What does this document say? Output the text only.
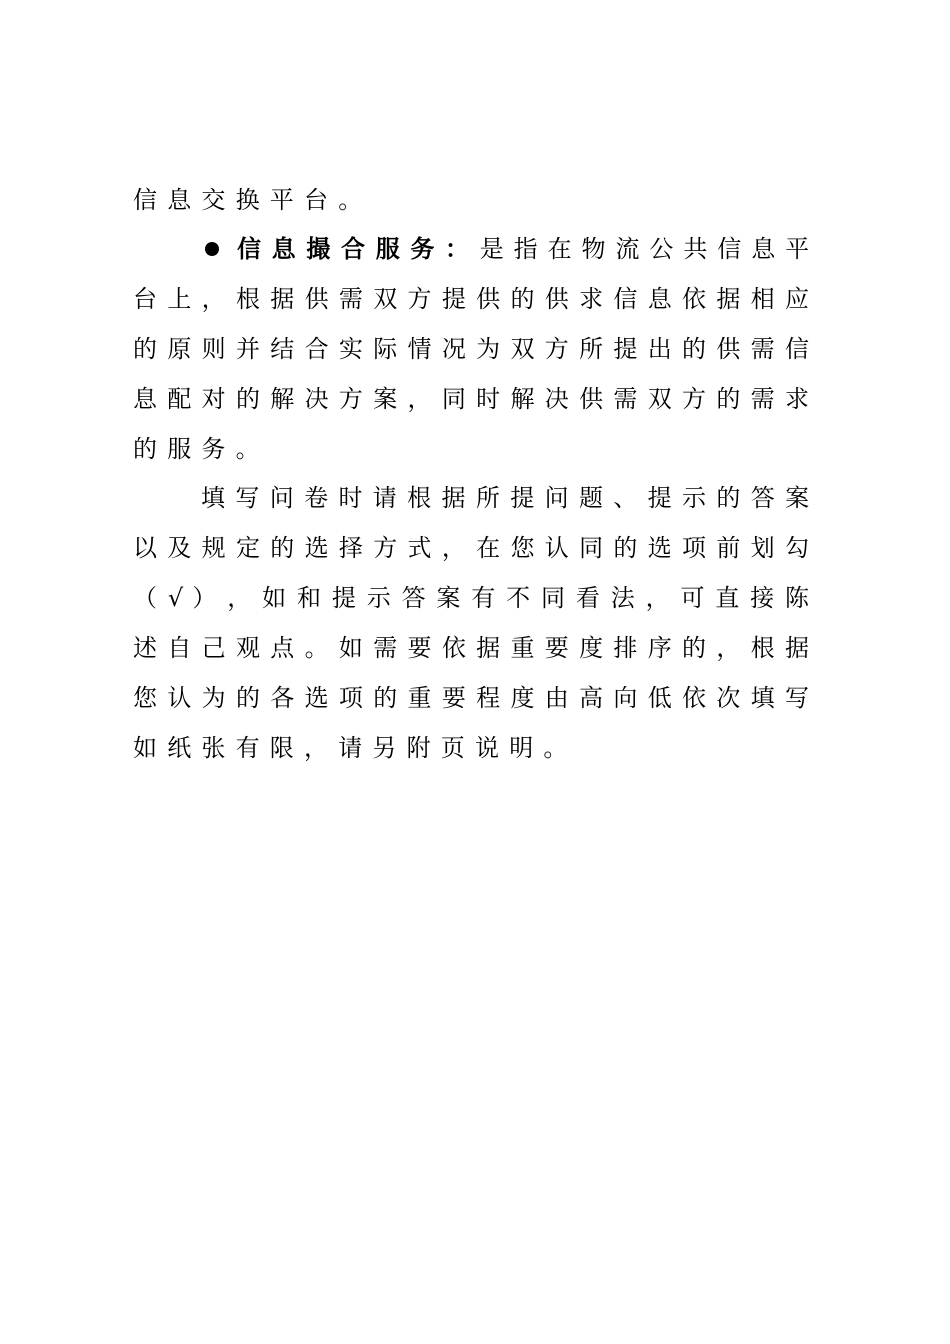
信息交换平台。
信​ 息​ 撮​ 合​ 服​ 务​ ：​ 是​ 指​ 在​ 物​ 流​ 公​ 共​ 信​ 息​ 平
台​ 上​ ，​ 根​ 据​ 供​ 需​ 双​ 方​ 提​ 供​ 的​ 供​ 求​ 信​ 息​ 依​ 据​ 相​ 应
的​ 原​ 则​ 并​ 结​ 合​ 实​ 际​ 情​ 况​ 为​ 双​ 方​ 所​ 提​ 出​ 的​ 供​ 需​ 信
息​ 配​ 对​ 的​ 解​ 决​ 方​ 案​ ，​ 同​ 时​ 解​ 决​ 供​ 需​ 双​ 方​ 的​ 需​ 求
的服务。
填​ 写​ 问​ 卷​ 时​ 请​ 根​ 据​ 所​ 提​ 问​ 题​ 、​ 提​ 示​ 的​ 答​ 案
以​ 及​ 规​ 定​ 的​ 选​ 择​ 方​ 式​ ，​ 在​ 您​ 认​ 同​ 的​ 选​ 项​ 前​ 划​ 勾
（​ √​ ）​ ，​ 如​ 和​ 提​ 示​ 答​ 案​ 有​ 不​ 同​ 看​ 法​ ，​ 可​ 直​ 接​ 陈
述​ 自​ 己​ 观​ 点​ 。​ 如​ 需​ 要​ 依​ 据​ 重​ 要​ 度​ 排​ 序​ 的​ ，​ 根​ 据
您​ 认​ 为​ 的​ 各​ 选​ 项​ 的​ 重​ 要​ 程​ 度​ 由​ 高​ 向​ 低​ 依​ 次​ 填​ 写
如纸张有限，请另附页说明。
